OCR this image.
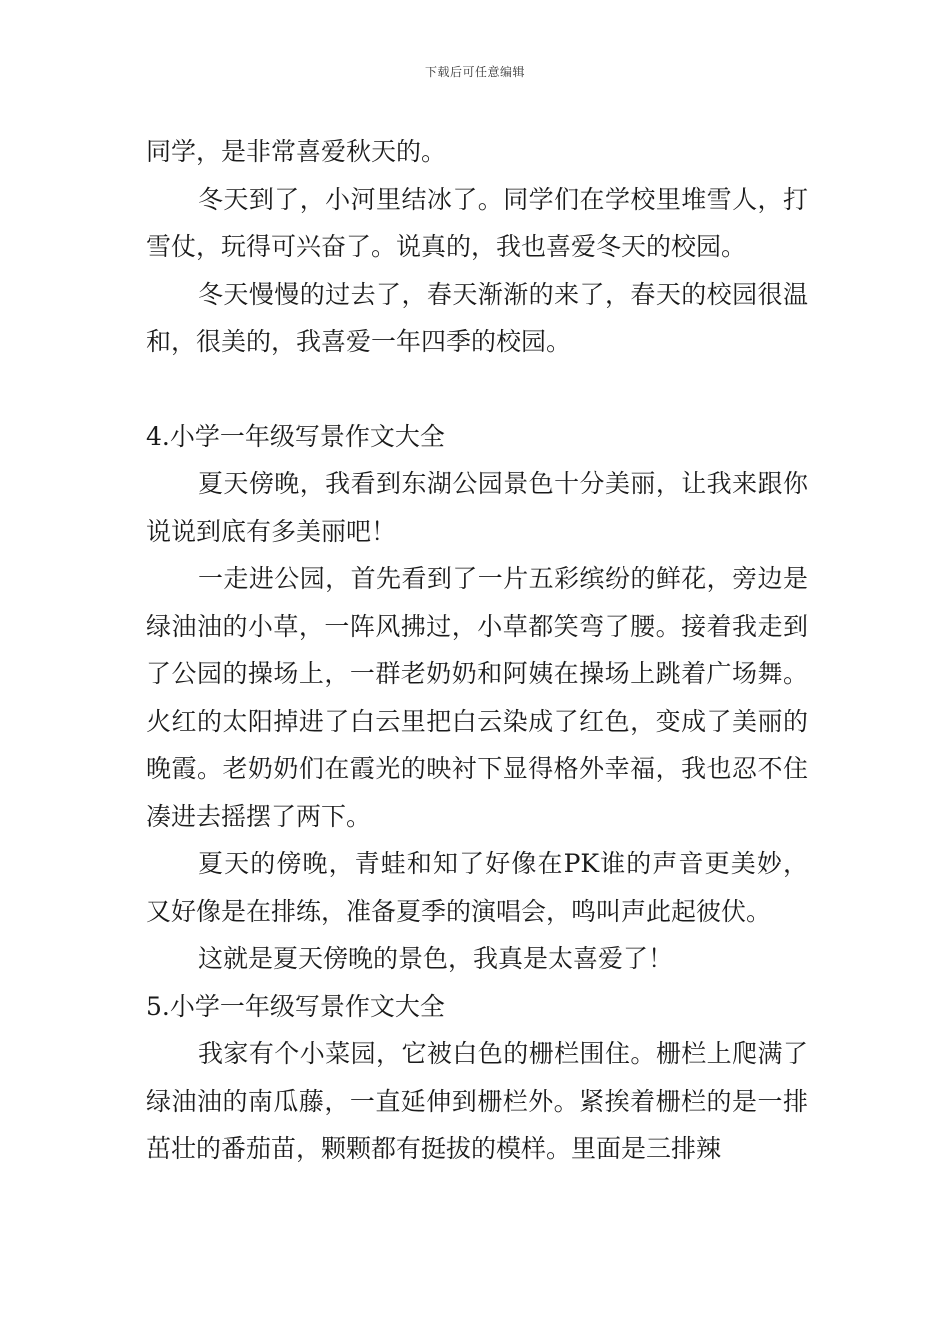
下载后可任意编辑

同学，是非常喜爱秋天的。

冬天到了，小河里结冰了。同学们在学校里堆雪人，打雪仗，玩得可兴奋了。说真的，我也喜爱冬天的校园。

冬天慢慢的过去了，春天渐渐的来了，春天的校园很温和，很美的，我喜爱一年四季的校园。

4.小学一年级写景作文大全

夏天傍晚，我看到东湖公园景色十分美丽，让我来跟你说说到底有多美丽吧！

一走进公园，首先看到了一片五彩缤纷的鲜花，旁边是绿油油的小草，一阵风拂过，小草都笑弯了腰。接着我走到了公园的操场上，一群老奶奶和阿姨在操场上跳着广场舞。火红的太阳掉进了白云里把白云染成了红色，变成了美丽的晚霞。老奶奶们在霞光的映衬下显得格外幸福，我也忍不住凑进去摇摆了两下。

夏天的傍晚，青蛙和知了好像在PK谁的声音更美妙，又好像是在排练，准备夏季的演唱会，鸣叫声此起彼伏。

这就是夏天傍晚的景色，我真是太喜爱了！

5.小学一年级写景作文大全

我家有个小菜园，它被白色的栅栏围住。栅栏上爬满了绿油油的南瓜藤，一直延伸到栅栏外。紧挨着栅栏的是一排茁壮的番茄苗，颗颗都有挺拔的模样。里面是三排辣
